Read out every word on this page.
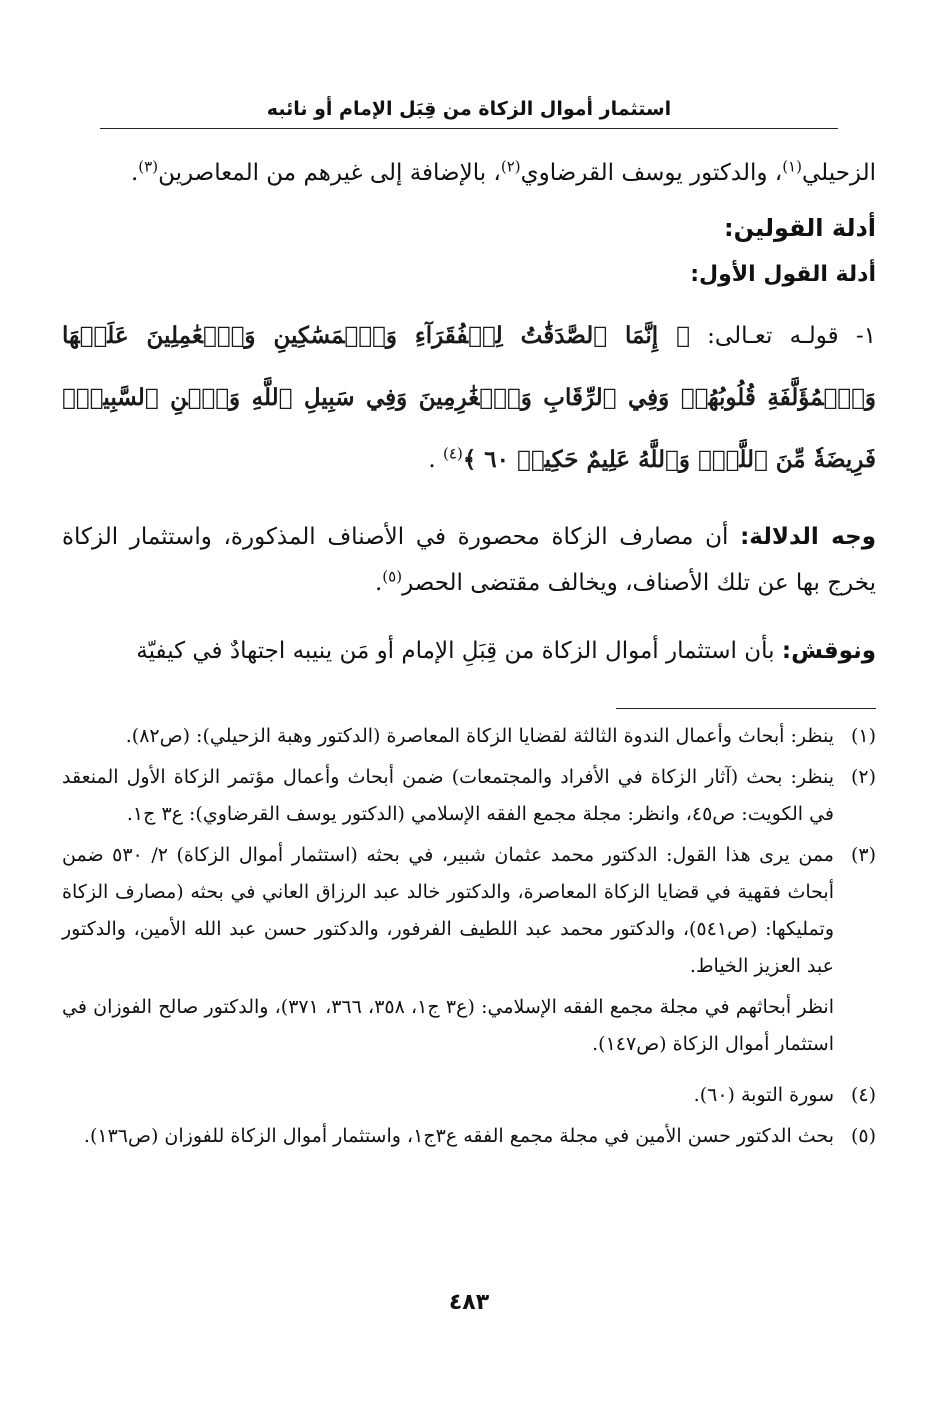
استثمار أموال الزكاة من قِبَل الإمام أو نائبه

الزحيلي$^{(١)}$، والدكتور يوسف القرضاوي$^{(٢)}$، بالإضافة إلى غيرهم من المعاصرين$^{(٣)}$.

أدلة القولين:

أدلة القول الأول:

١- قولـه تعـالى: ﴿ إِنَّمَا ٱلصَّدَقَٰتُ لِلۡفُقَرَآءِ وَٱلۡمَسَٰكِينِ وَٱلۡعَٰمِلِينَ عَلَيۡهَا وَٱلۡمُؤَلَّفَةِ قُلُوبُهُمۡ وَفِي ٱلرِّقَابِ وَٱلۡغَٰرِمِينَ وَفِي سَبِيلِ ٱللَّهِ وَٱبۡنِ ٱلسَّبِيلِۖ فَرِيضَةٗ مِّنَ ٱللَّهِۗ وَٱللَّهُ عَلِيمٌ حَكِيمٞ ٦٠ ﴾$^{(٤)}$ .

وجه الدلالة: أن مصارف الزكاة محصورة في الأصناف المذكورة، واستثمار الزكاة يخرج بها عن تلك الأصناف، ويخالف مقتضى الحصر$^{(٥)}$.

ونوقش: بأن استثمار أموال الزكاة من قِبَلِ الإمام أو مَن ينيبه اجتهادٌ في كيفيّة

(١)
ينظر: أبحاث وأعمال الندوة الثالثة لقضايا الزكاة المعاصرة (الدكتور وهبة الزحيلي): (ص٨٢).
(٢)
ينظر: بحث (آثار الزكاة في الأفراد والمجتمعات) ضمن أبحاث وأعمال مؤتمر الزكاة الأول المنعقد في الكويت: ص٤٥، وانظر: مجلة مجمع الفقه الإسلامي (الدكتور يوسف القرضاوي): ع٣ ج١.
(٣)
ممن يرى هذا القول: الدكتور محمد عثمان شبير، في بحثه (استثمار أموال الزكاة) ٢/ ٥٣٠ ضمن أبحاث فقهية في قضايا الزكاة المعاصرة، والدكتور خالد عبد الرزاق العاني في بحثه (مصارف الزكاة وتمليكها: (ص٥٤١)، والدكتور محمد عبد اللطيف الفرفور، والدكتور حسن عبد الله الأمين، والدكتور عبد العزيز الخياط.
انظر أبحاثهم في مجلة مجمع الفقه الإسلامي: (ع٣ ج١، ٣٥٨، ٣٦٦، ٣٧١)، والدكتور صالح الفوزان في استثمار أموال الزكاة (ص١٤٧).
(٤)
سورة التوبة (٦٠).
(٥)
بحث الدكتور حسن الأمين في مجلة مجمع الفقه ع٣ج١، واستثمار أموال الزكاة للفوزان (ص١٣٦).
٤٨٣
